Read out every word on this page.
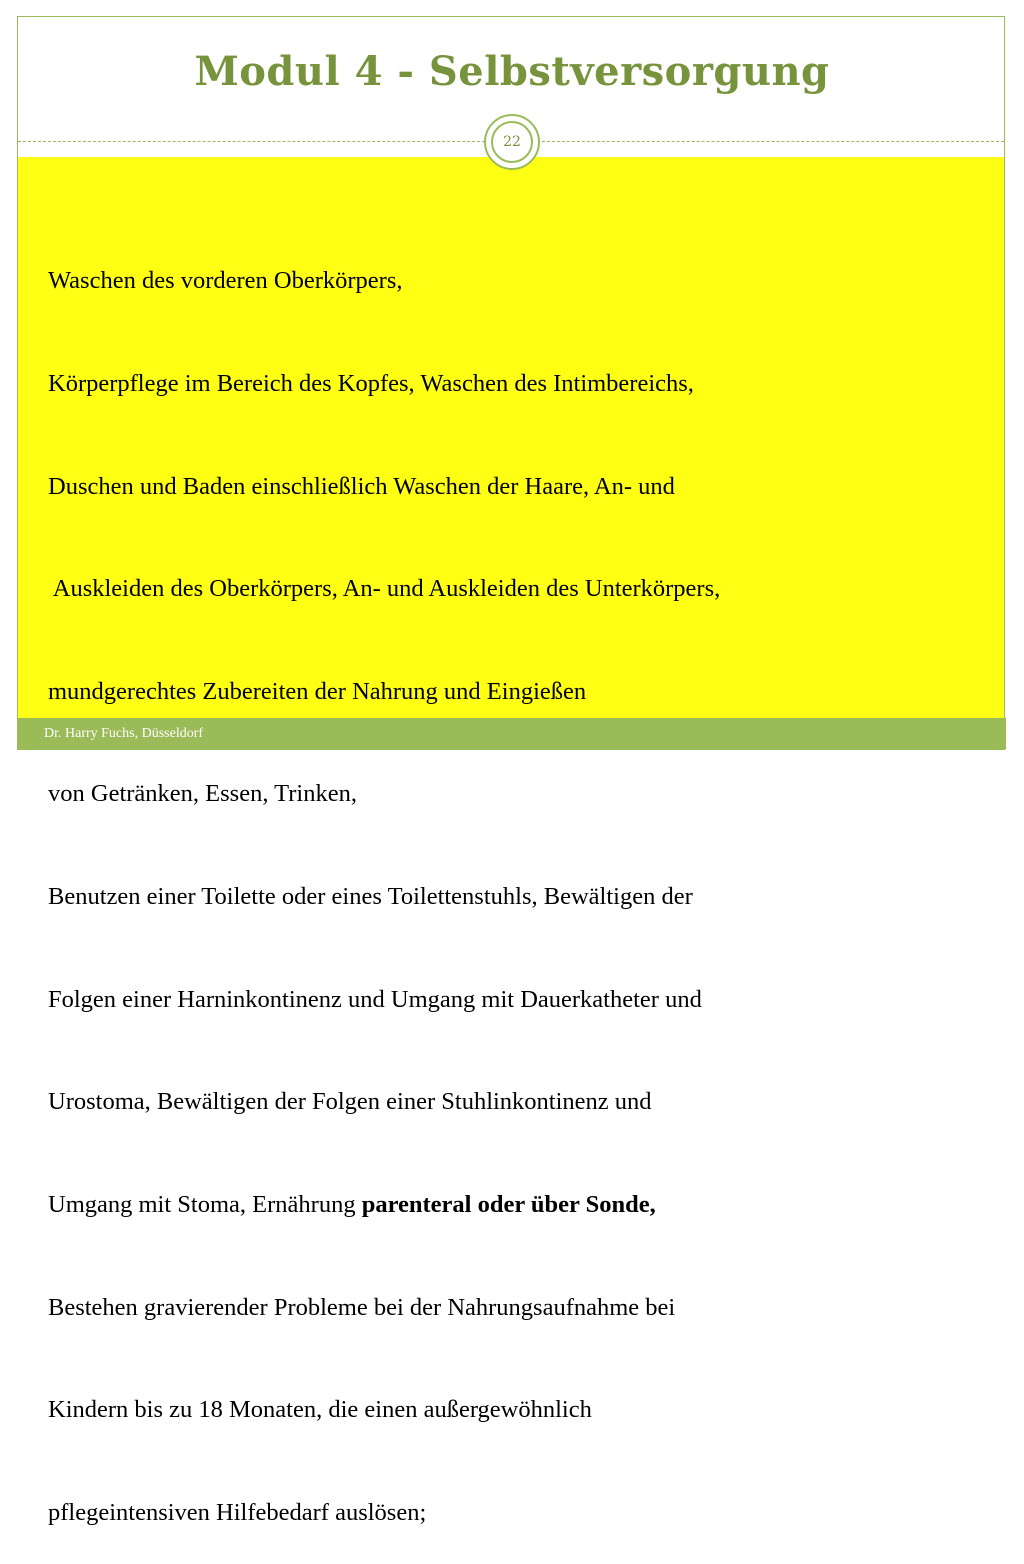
Modul 4 - Selbstversorgung
22

Waschen des vorderen Oberkörpers,

Körperpflege im Bereich des Kopfes, Waschen des Intimbereichs,

Duschen und Baden einschließlich Waschen der Haare, An- und

Auskleiden des Oberkörpers, An- und Auskleiden des Unterkörpers,

mundgerechtes Zubereiten der Nahrung und Eingießen

von Getränken, Essen, Trinken,

Benutzen einer Toilette oder eines Toilettenstuhls, Bewältigen der

Folgen einer Harninkontinenz und Umgang mit Dauerkatheter und

Urostoma, Bewältigen der Folgen einer Stuhlinkontinenz und

Umgang mit Stoma, Ernährung parenteral oder über Sonde,

Bestehen gravierender Probleme bei der Nahrungsaufnahme bei

Kindern bis zu 18 Monaten, die einen außergewöhnlich

pflegeintensiven Hilfebedarf auslösen;

Dr. Harry Fuchs, Düsseldorf
